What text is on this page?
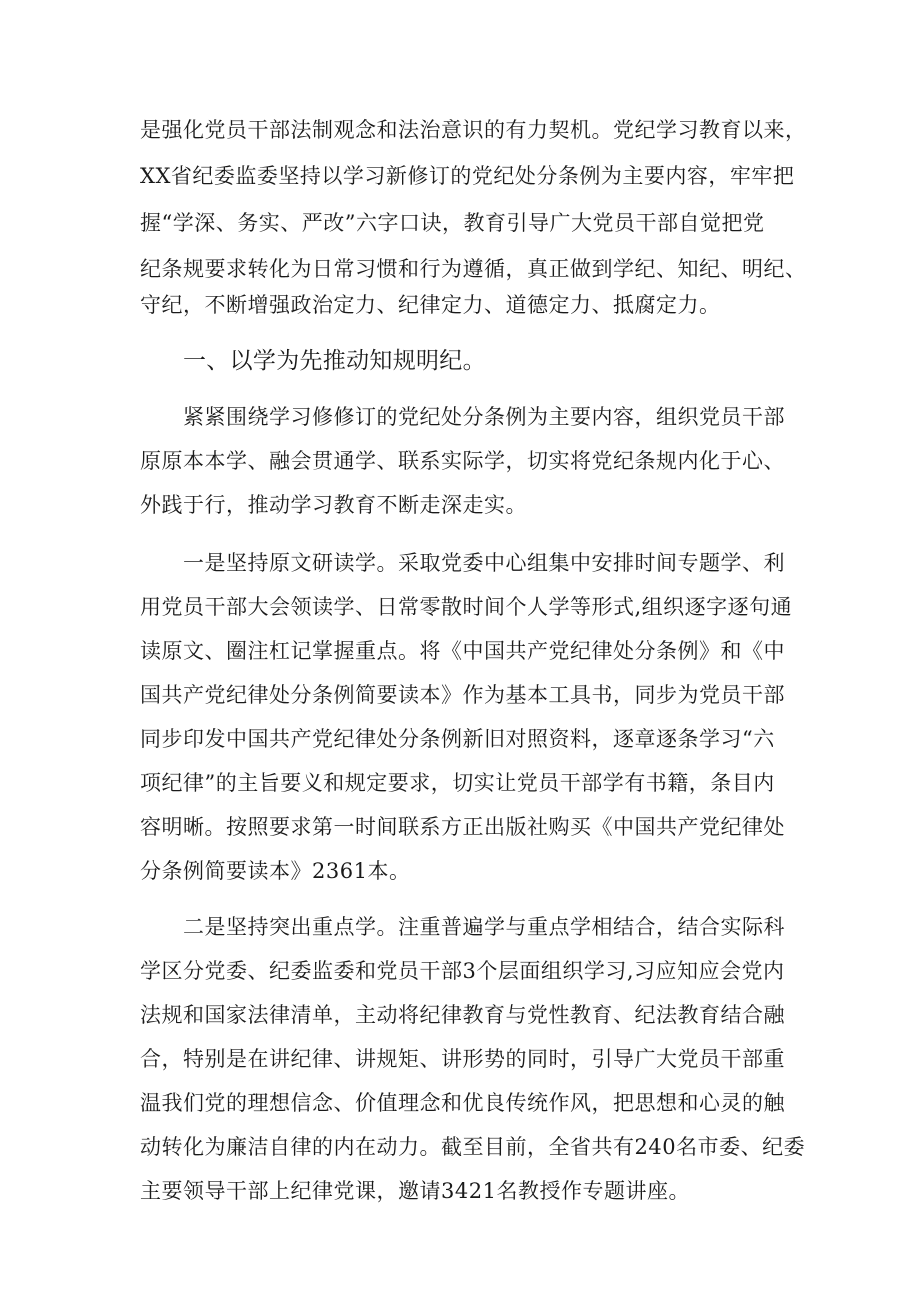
是强化党员干部法制观念和法治意识的有力契机。党纪学习教育以来，
XX省纪委监委坚持以学习新修订的党纪处分条例为主要内容，牢牢把
握“学深、务实、严改”六字口诀，教育引导广大党员干部自觉把党
纪条规要求转化为日常习惯和行为遵循，真正做到学纪、知纪、明纪、
守纪，不断增强政治定力、纪律定力、道德定力、抵腐定力。
一、以学为先推动知规明纪。
紧紧围绕学习修修订的党纪处分条例为主要内容，组织党员干部
原原本本学、融会贯通学、联系实际学，切实将党纪条规内化于心、
外践于行，推动学习教育不断走深走实。
一是坚持原文研读学。采取党委中心组集中安排时间专题学、利
用党员干部大会领读学、日常零散时间个人学等形式,组织逐字逐句通
读原文、圈注杠记掌握重点。将《中国共产党纪律处分条例》和《中
国共产党纪律处分条例简要读本》作为基本工具书，同步为党员干部
同步印发中国共产党纪律处分条例新旧对照资料，逐章逐条学习“六
项纪律”的主旨要义和规定要求，切实让党员干部学有书籍，条目内
容明晰。按照要求第一时间联系方正出版社购买《中国共产党纪律处
分条例简要读本》2361本。
二是坚持突出重点学。注重普遍学与重点学相结合，结合实际科
学区分党委、纪委监委和党员干部3个层面组织学习,习应知应会党内
法规和国家法律清单，主动将纪律教育与党性教育、纪法教育结合融
合，特别是在讲纪律、讲规矩、讲形势的同时，引导广大党员干部重
温我们党的理想信念、价值理念和优良传统作风，把思想和心灵的触
动转化为廉洁自律的内在动力。截至目前，全省共有240名市委、纪委
主要领导干部上纪律党课，邀请3421名教授作专题讲座。
